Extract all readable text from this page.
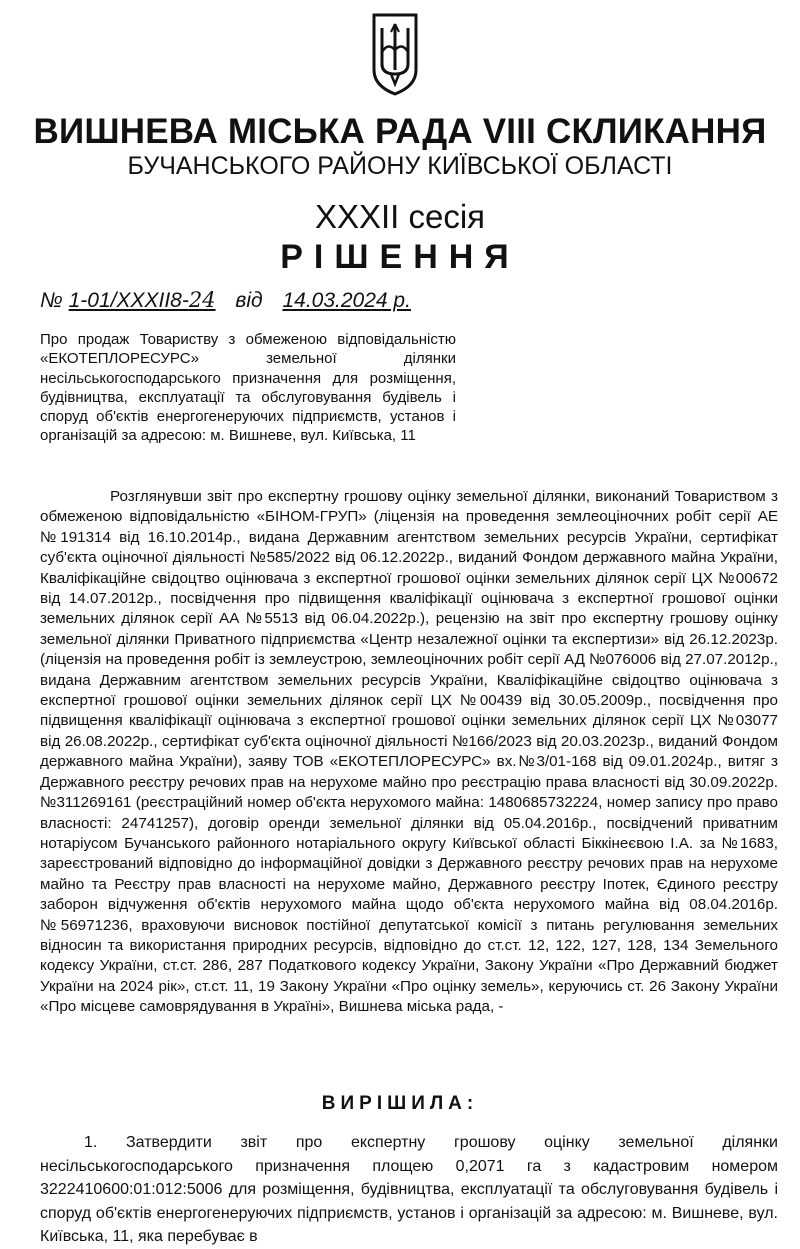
ВИШНЕВА МІСЬКА РАДА VIII СКЛИКАННЯ
БУЧАНСЬКОГО РАЙОНУ КИЇВСЬКОЇ ОБЛАСТІ
XXXII сесія
РІШЕННЯ
№ 1-01/XXXII8-24 від 14.03.2024 р.
Про продаж Товариству з обмеженою відповідальністю «ЕКОТЕПЛОРЕСУРС» земельної ділянки несільськогосподарського призначення для розміщення, будівництва, експлуатації та обслуговування будівель і споруд об'єктів енергогенеруючих підприємств, установ і організацій за адресою: м. Вишневе, вул. Київська, 11
Розглянувши звіт про експертну грошову оцінку земельної ділянки, виконаний Товариством з обмеженою відповідальністю «БІНОМ-ГРУП» (ліцензія на проведення землеоціночних робіт серії АЕ №191314 від 16.10.2014р., видана Державним агентством земельних ресурсів України, сертифікат суб'єкта оціночної діяльності №585/2022 від 06.12.2022р., виданий Фондом державного майна України, Кваліфікаційне свідоцтво оцінювача з експертної грошової оцінки земельних ділянок серії ЦХ №00672 від 14.07.2012р., посвідчення про підвищення кваліфікації оцінювача з експертної грошової оцінки земельних ділянок серії АА №5513 від 06.04.2022р.), рецензію на звіт про експертну грошову оцінку земельної ділянки Приватного підприємства «Центр незалежної оцінки та експертизи» від 26.12.2023р. (ліцензія на проведення робіт із землеустрою, землеоціночних робіт серії АД №076006 від 27.07.2012р., видана Державним агентством земельних ресурсів України, Кваліфікаційне свідоцтво оцінювача з експертної грошової оцінки земельних ділянок серії ЦХ №00439 від 30.05.2009р., посвідчення про підвищення кваліфікації оцінювача з експертної грошової оцінки земельних ділянок серії ЦХ №03077 від 26.08.2022р., сертифікат суб'єкта оціночної діяльності №166/2023 від 20.03.2023р., виданий Фондом державного майна України), заяву ТОВ «ЕКОТЕПЛОРЕСУРС» вх.№3/01-168 від 09.01.2024р., витяг з Державного реєстру речових прав на нерухоме майно про реєстрацію права власності від 30.09.2022р. №311269161 (реєстраційний номер об'єкта нерухомого майна: 1480685732224, номер запису про право власності: 24741257), договір оренди земельної ділянки від 05.04.2016р., посвідчений приватним нотаріусом Бучанського районного нотаріального округу Київської області Біккінеєвою І.А. за №1683, зареєстрований відповідно до інформаційної довідки з Державного реєстру речових прав на нерухоме майно та Реєстру прав власності на нерухоме майно, Державного реєстру Іпотек, Єдиного реєстру заборон відчуження об'єктів нерухомого майна щодо об'єкта нерухомого майна від 08.04.2016р. №56971236, враховуючи висновок постійної депутатської комісії з питань регулювання земельних відносин та використання природних ресурсів, відповідно до ст.ст. 12, 122, 127, 128, 134 Земельного кодексу України, ст.ст. 286, 287 Податкового кодексу України, Закону України «Про Державний бюджет України на 2024 рік», ст.ст. 11, 19 Закону України «Про оцінку земель», керуючись ст. 26 Закону України «Про місцеве самоврядування в Україні», Вишнева міська рада, -
ВИРІШИЛА:
1. Затвердити звіт про експертну грошову оцінку земельної ділянки несільськогосподарського призначення площею 0,2071 га з кадастровим номером 3222410600:01:012:5006 для розміщення, будівництва, експлуатації та обслуговування будівель і споруд об'єктів енергогенеруючих підприємств, установ і організацій за адресою: м. Вишневе, вул. Київська, 11, яка перебуває в
